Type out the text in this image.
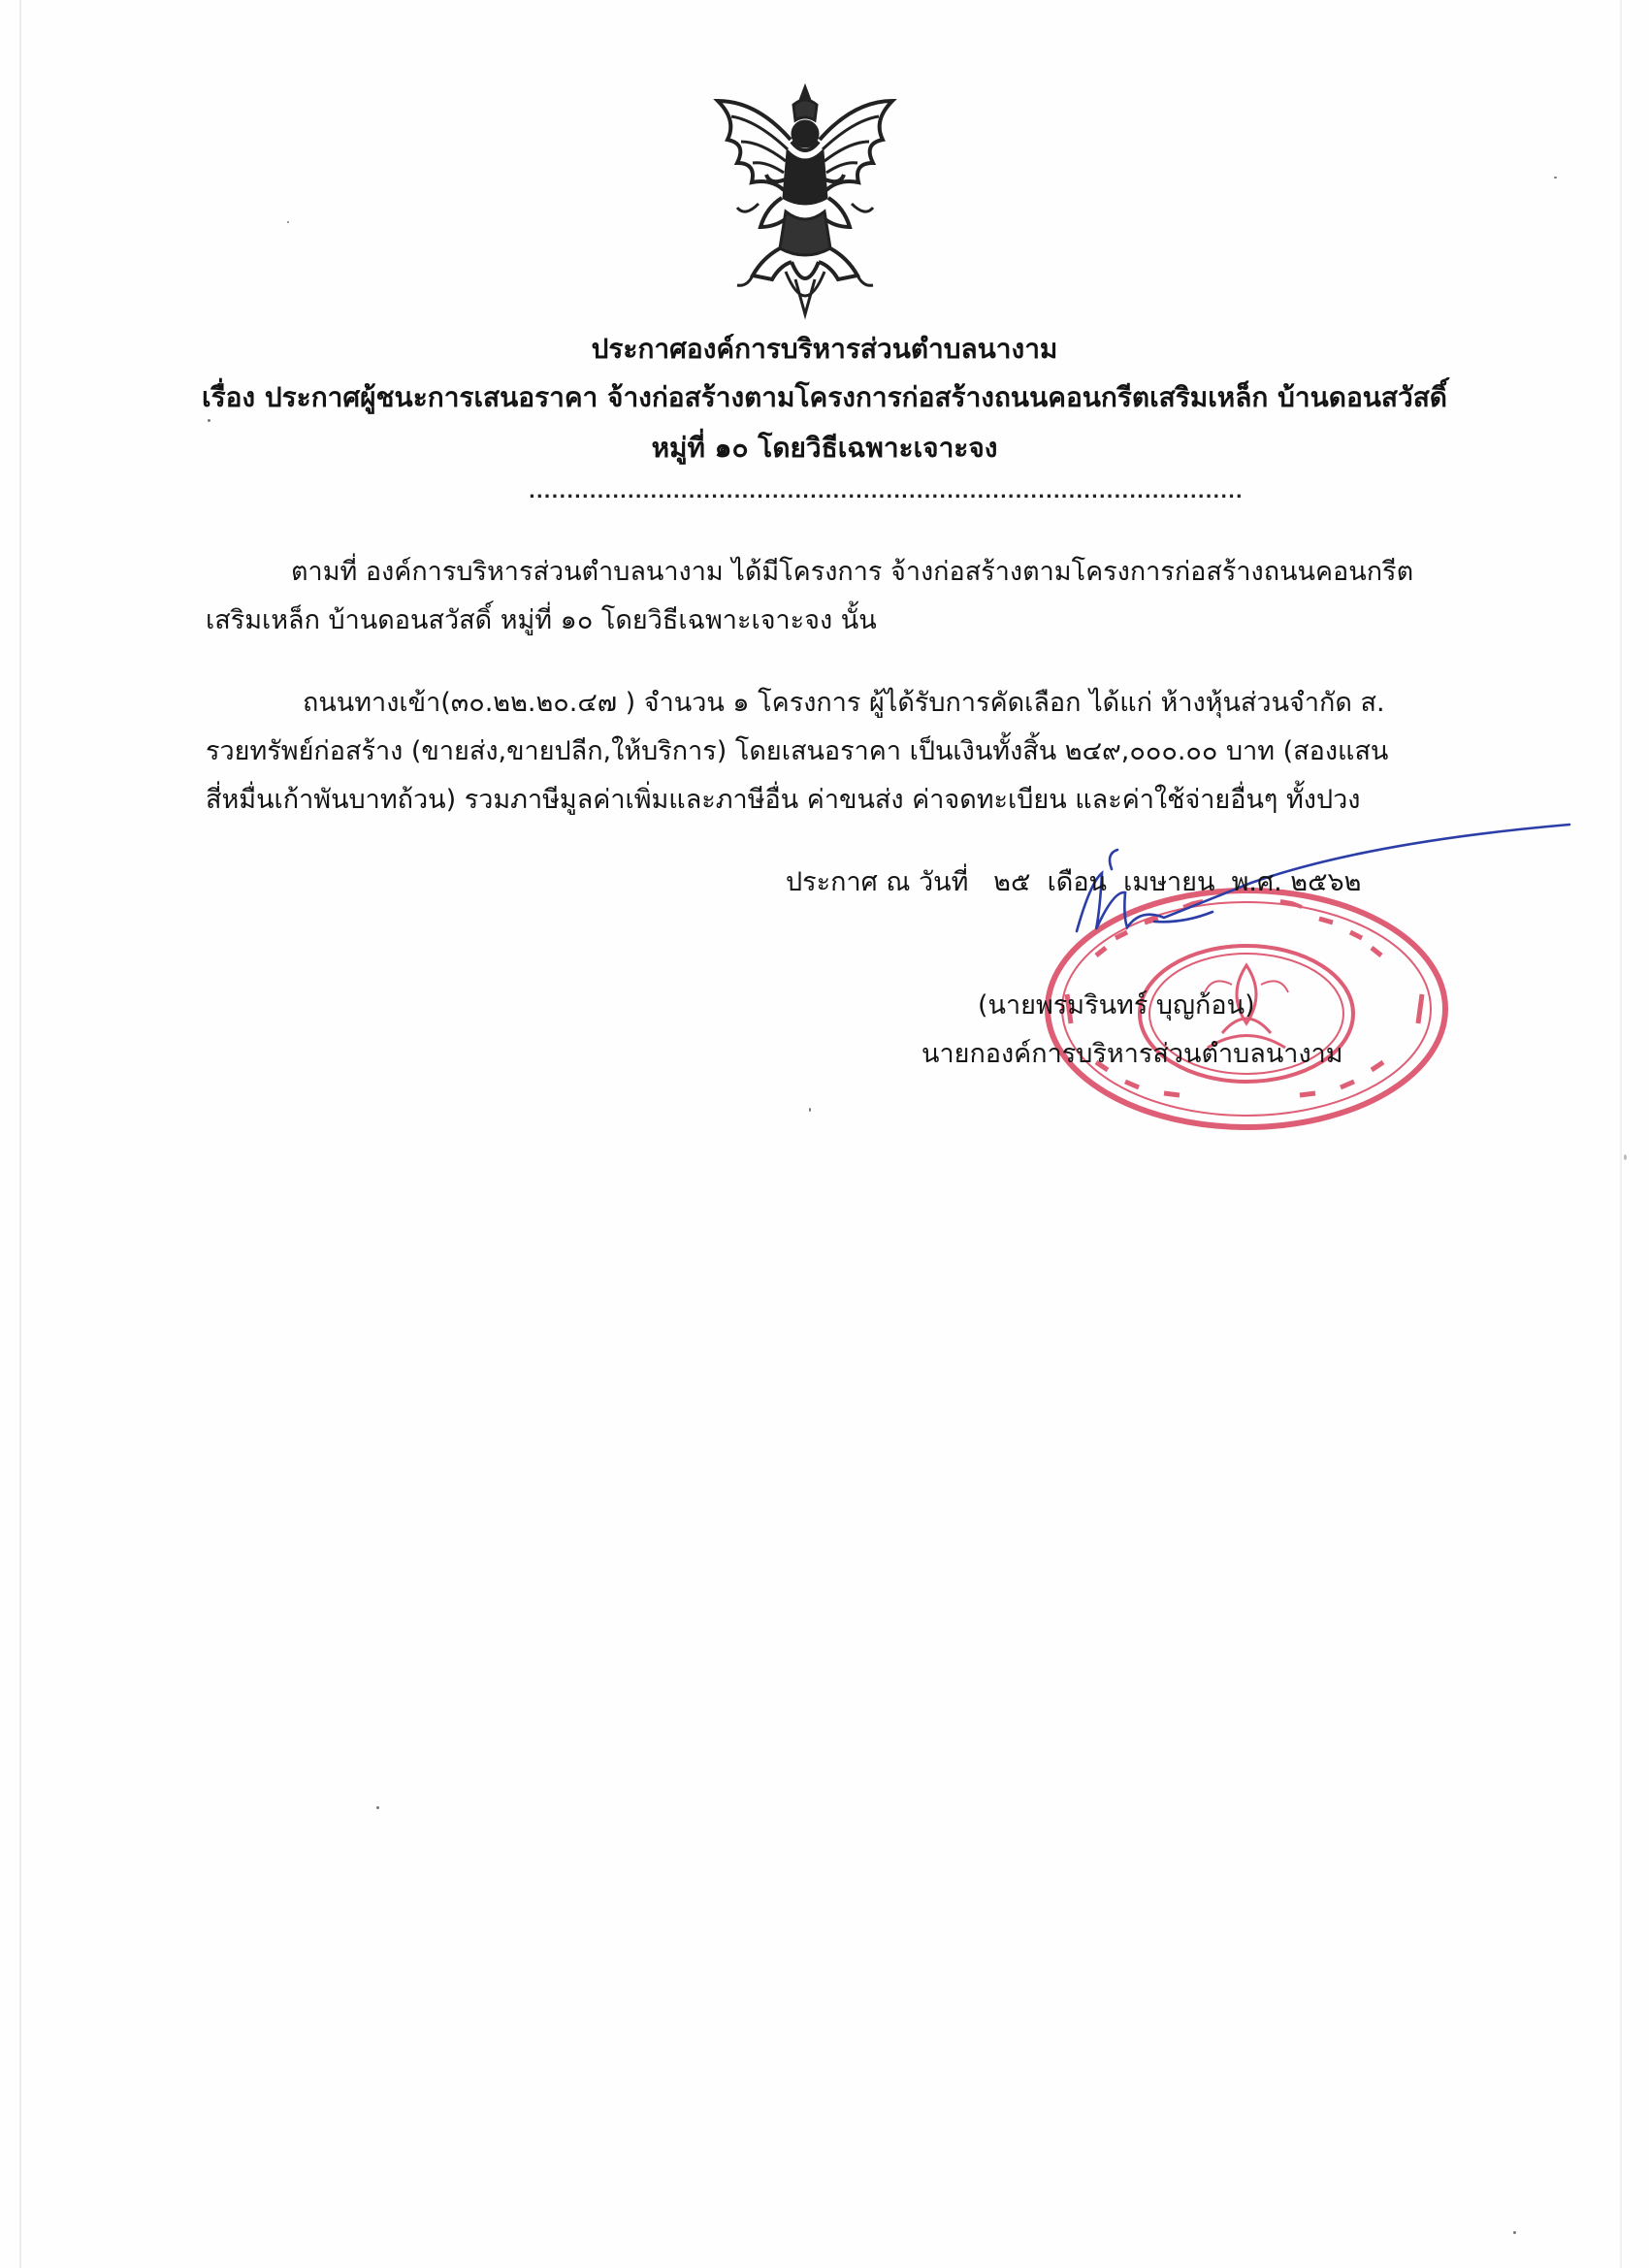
ประกาศองค์การบริหารส่วนตำบลนางาม

เรื่อง ประกาศผู้ชนะการเสนอราคา จ้างก่อสร้างตามโครงการก่อสร้างถนนคอนกรีตเสริมเหล็ก บ้านดอนสวัสดิ์

หมู่ที่ ๑๐ โดยวิธีเฉพาะเจาะจง

..............................................................................................

ตามที่ องค์การบริหารส่วนตำบลนางาม ได้มีโครงการ จ้างก่อสร้างตามโครงการก่อสร้างถนนคอนกรีต

เสริมเหล็ก บ้านดอนสวัสดิ์ หมู่ที่ ๑๐ โดยวิธีเฉพาะเจาะจง นั้น

ถนนทางเข้า(๓๐.๒๒.๒๐.๔๗ ) จำนวน ๑ โครงการ ผู้ได้รับการคัดเลือก ได้แก่ ห้างหุ้นส่วนจำกัด ส.

รวยทรัพย์ก่อสร้าง (ขายส่ง,ขายปลีก,ให้บริการ) โดยเสนอราคา เป็นเงินทั้งสิ้น ๒๔๙,๐๐๐.๐๐ บาท (สองแสน

สี่หมื่นเก้าพันบาทถ้วน) รวมภาษีมูลค่าเพิ่มและภาษีอื่น ค่าขนส่ง ค่าจดทะเบียน และค่าใช้จ่ายอื่นๆ ทั้งปวง

ประกาศ ณ วันที่   ๒๕  เดือน  เมษายน  พ.ศ. ๒๕๖๒
(นายพรมรินทร์ บุญก้อน)
นายกองค์การบริหารส่วนตำบลนางาม
